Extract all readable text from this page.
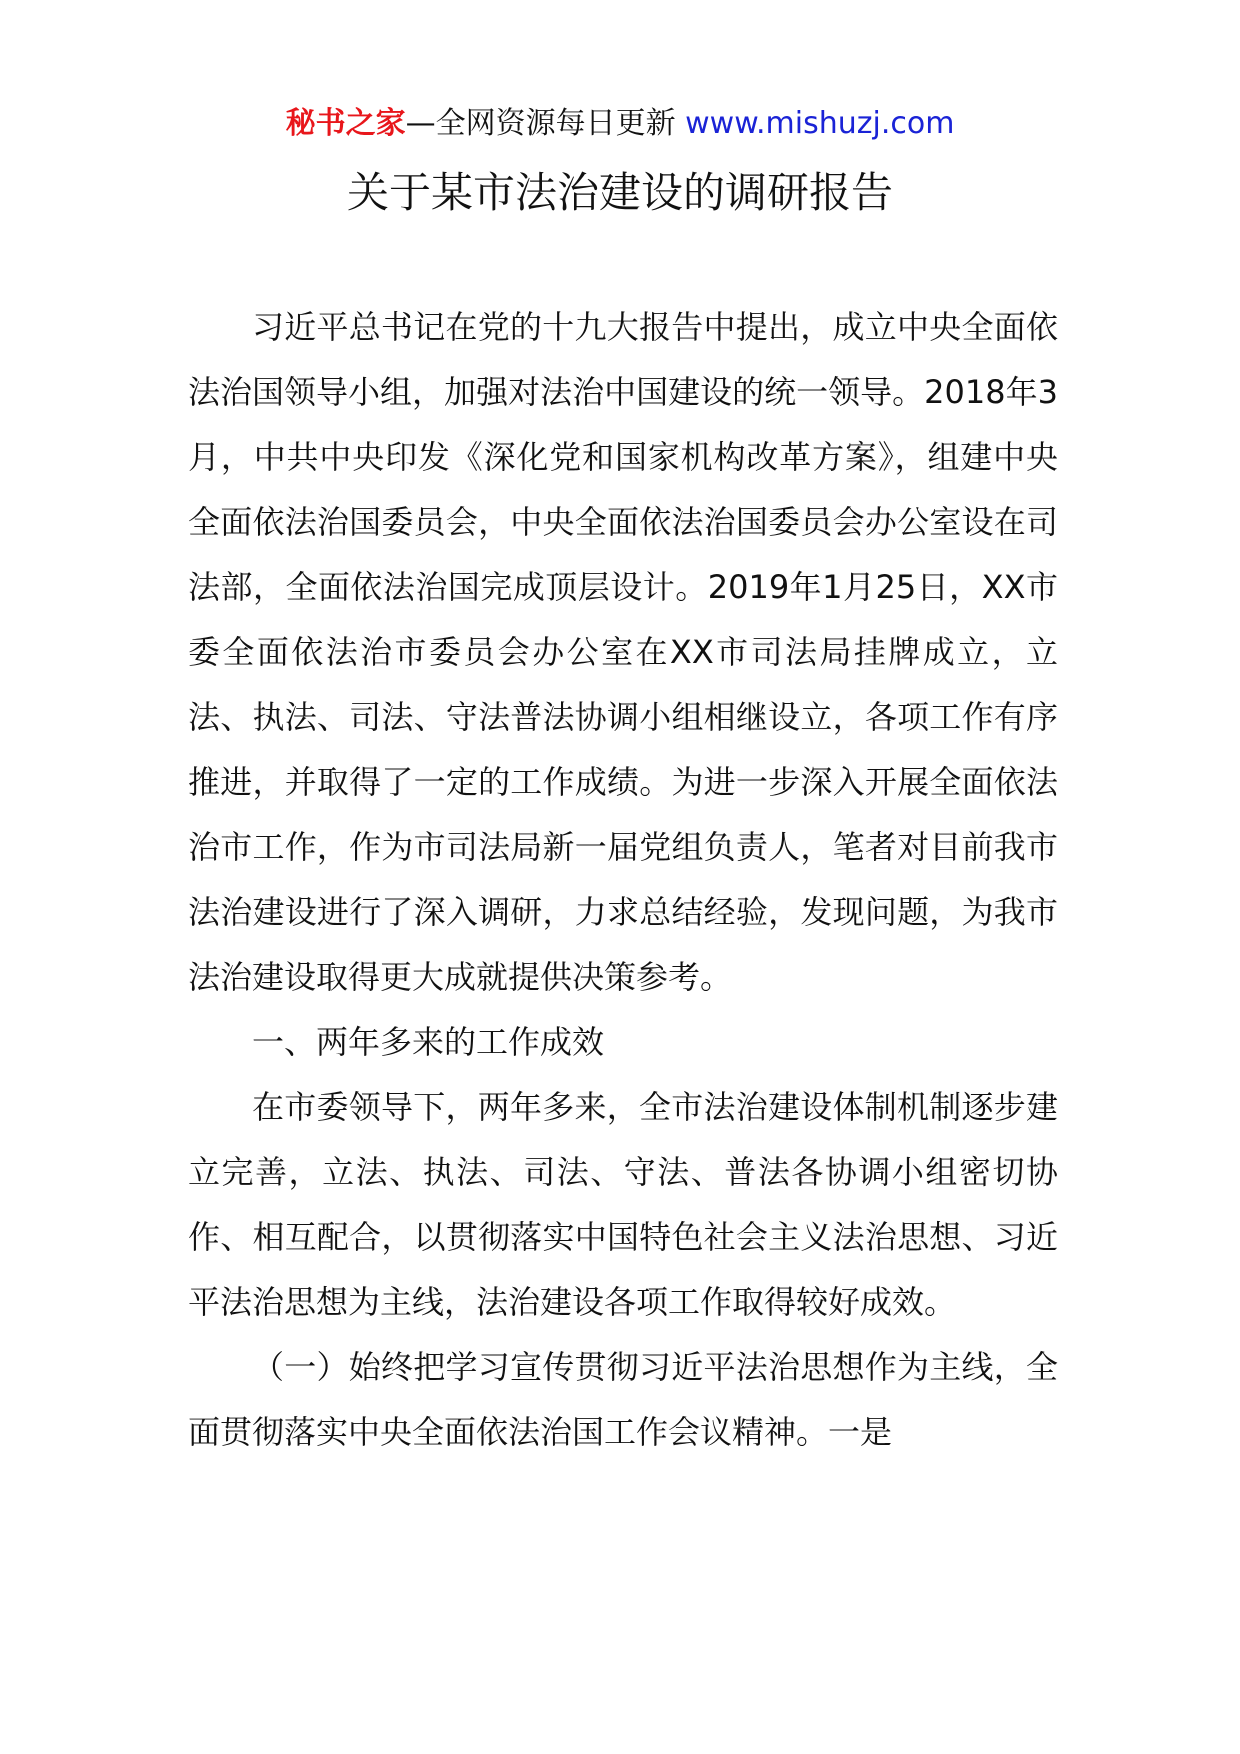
秘书之家—全网资源每日更新 www.mishuzj.com
关于某市法治建设的调研报告

习近平总书记在党的十九大报告中提出，成立中央全面依法治国领导小组，加强对法治中国建设的统一领导。2018年3月，中共中央印发《深化党和国家机构改革方案》，组建中央全面依法治国委员会，中央全面依法治国委员会办公室设在司法部，全面依法治国完成顶层设计。2019年1月25日，XX市委全面依法治市委员会办公室在XX市司法局挂牌成立，立法、执法、司法、守法普法协调小组相继设立，各项工作有序推进，并取得了一定的工作成绩。为进一步深入开展全面依法治市工作，作为市司法局新一届党组负责人，笔者对目前我市法治建设进行了深入调研，力求总结经验，发现问题，为我市法治建设取得更大成就提供决策参考。

一、两年多来的工作成效

在市委领导下，两年多来，全市法治建设体制机制逐步建立完善，立法、执法、司法、守法、普法各协调小组密切协作、相互配合，以贯彻落实中国特色社会主义法治思想、习近平法治思想为主线，法治建设各项工作取得较好成效。

（一）始终把学习宣传贯彻习近平法治思想作为主线，全面贯彻落实中央全面依法治国工作会议精神。一是
